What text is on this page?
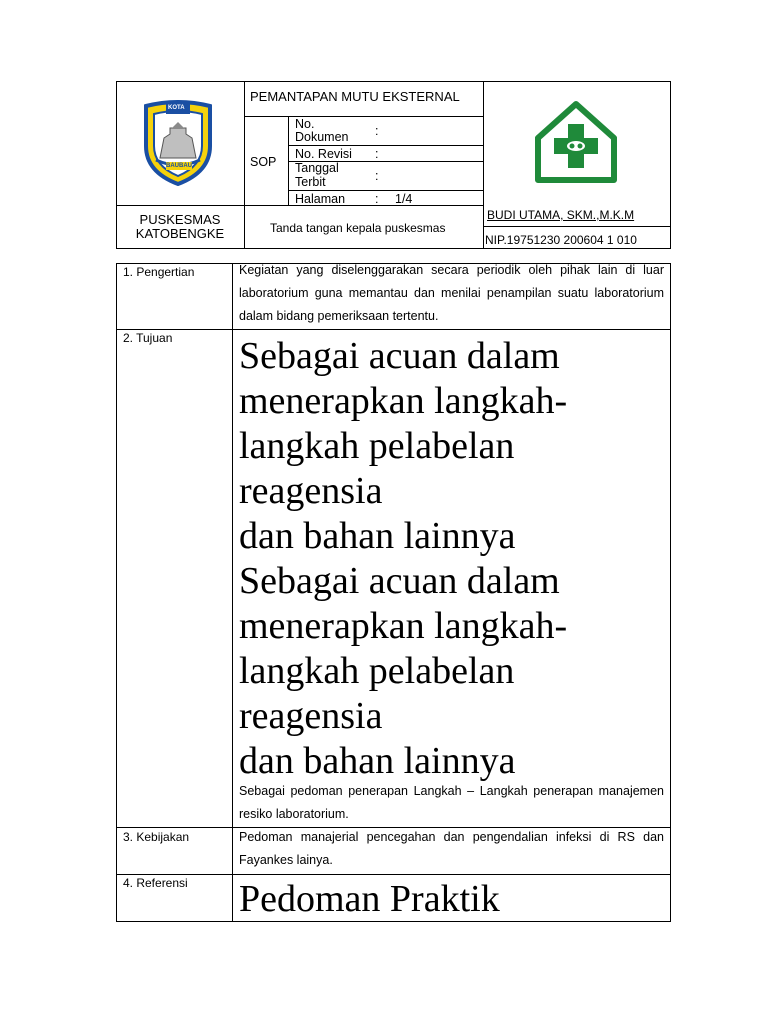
KOTA
BAUBAU
PEMANTAPAN MUTU EKSTERNAL
SOP
No. Dokumen	:
No. Revisi :
Tanggal Terbit	:
Halaman : 1/4
PUSKESMAS KATOBENGKE	Tanda tangan kepala puskesmas
BUDI UTAMA, SKM.,M.K.M
NIP.19751230 200604 1 010
1. Pengertian	Kegiatan yang diselenggarakan secara periodik oleh pihak lain di luar laboratorium guna memantau dan menilai penampilan suatu laboratorium dalam bidang pemeriksaan tertentu.
2. Tujuan Sebagai acuan dalam
menerapkan langkah-
langkah pelabelan
reagensia
dan bahan lainnya
Sebagai acuan dalam
menerapkan langkah-
langkah pelabelan
reagensia
dan bahan lainnya
Sebagai pedoman penerapan Langkah – Langkah penerapan manajemen resiko laboratorium.
3. Kebijakan	Pedoman manajerial pencegahan dan pengendalian infeksi di RS dan Fayankes lainya.
4. Referensi Pedoman Praktik
